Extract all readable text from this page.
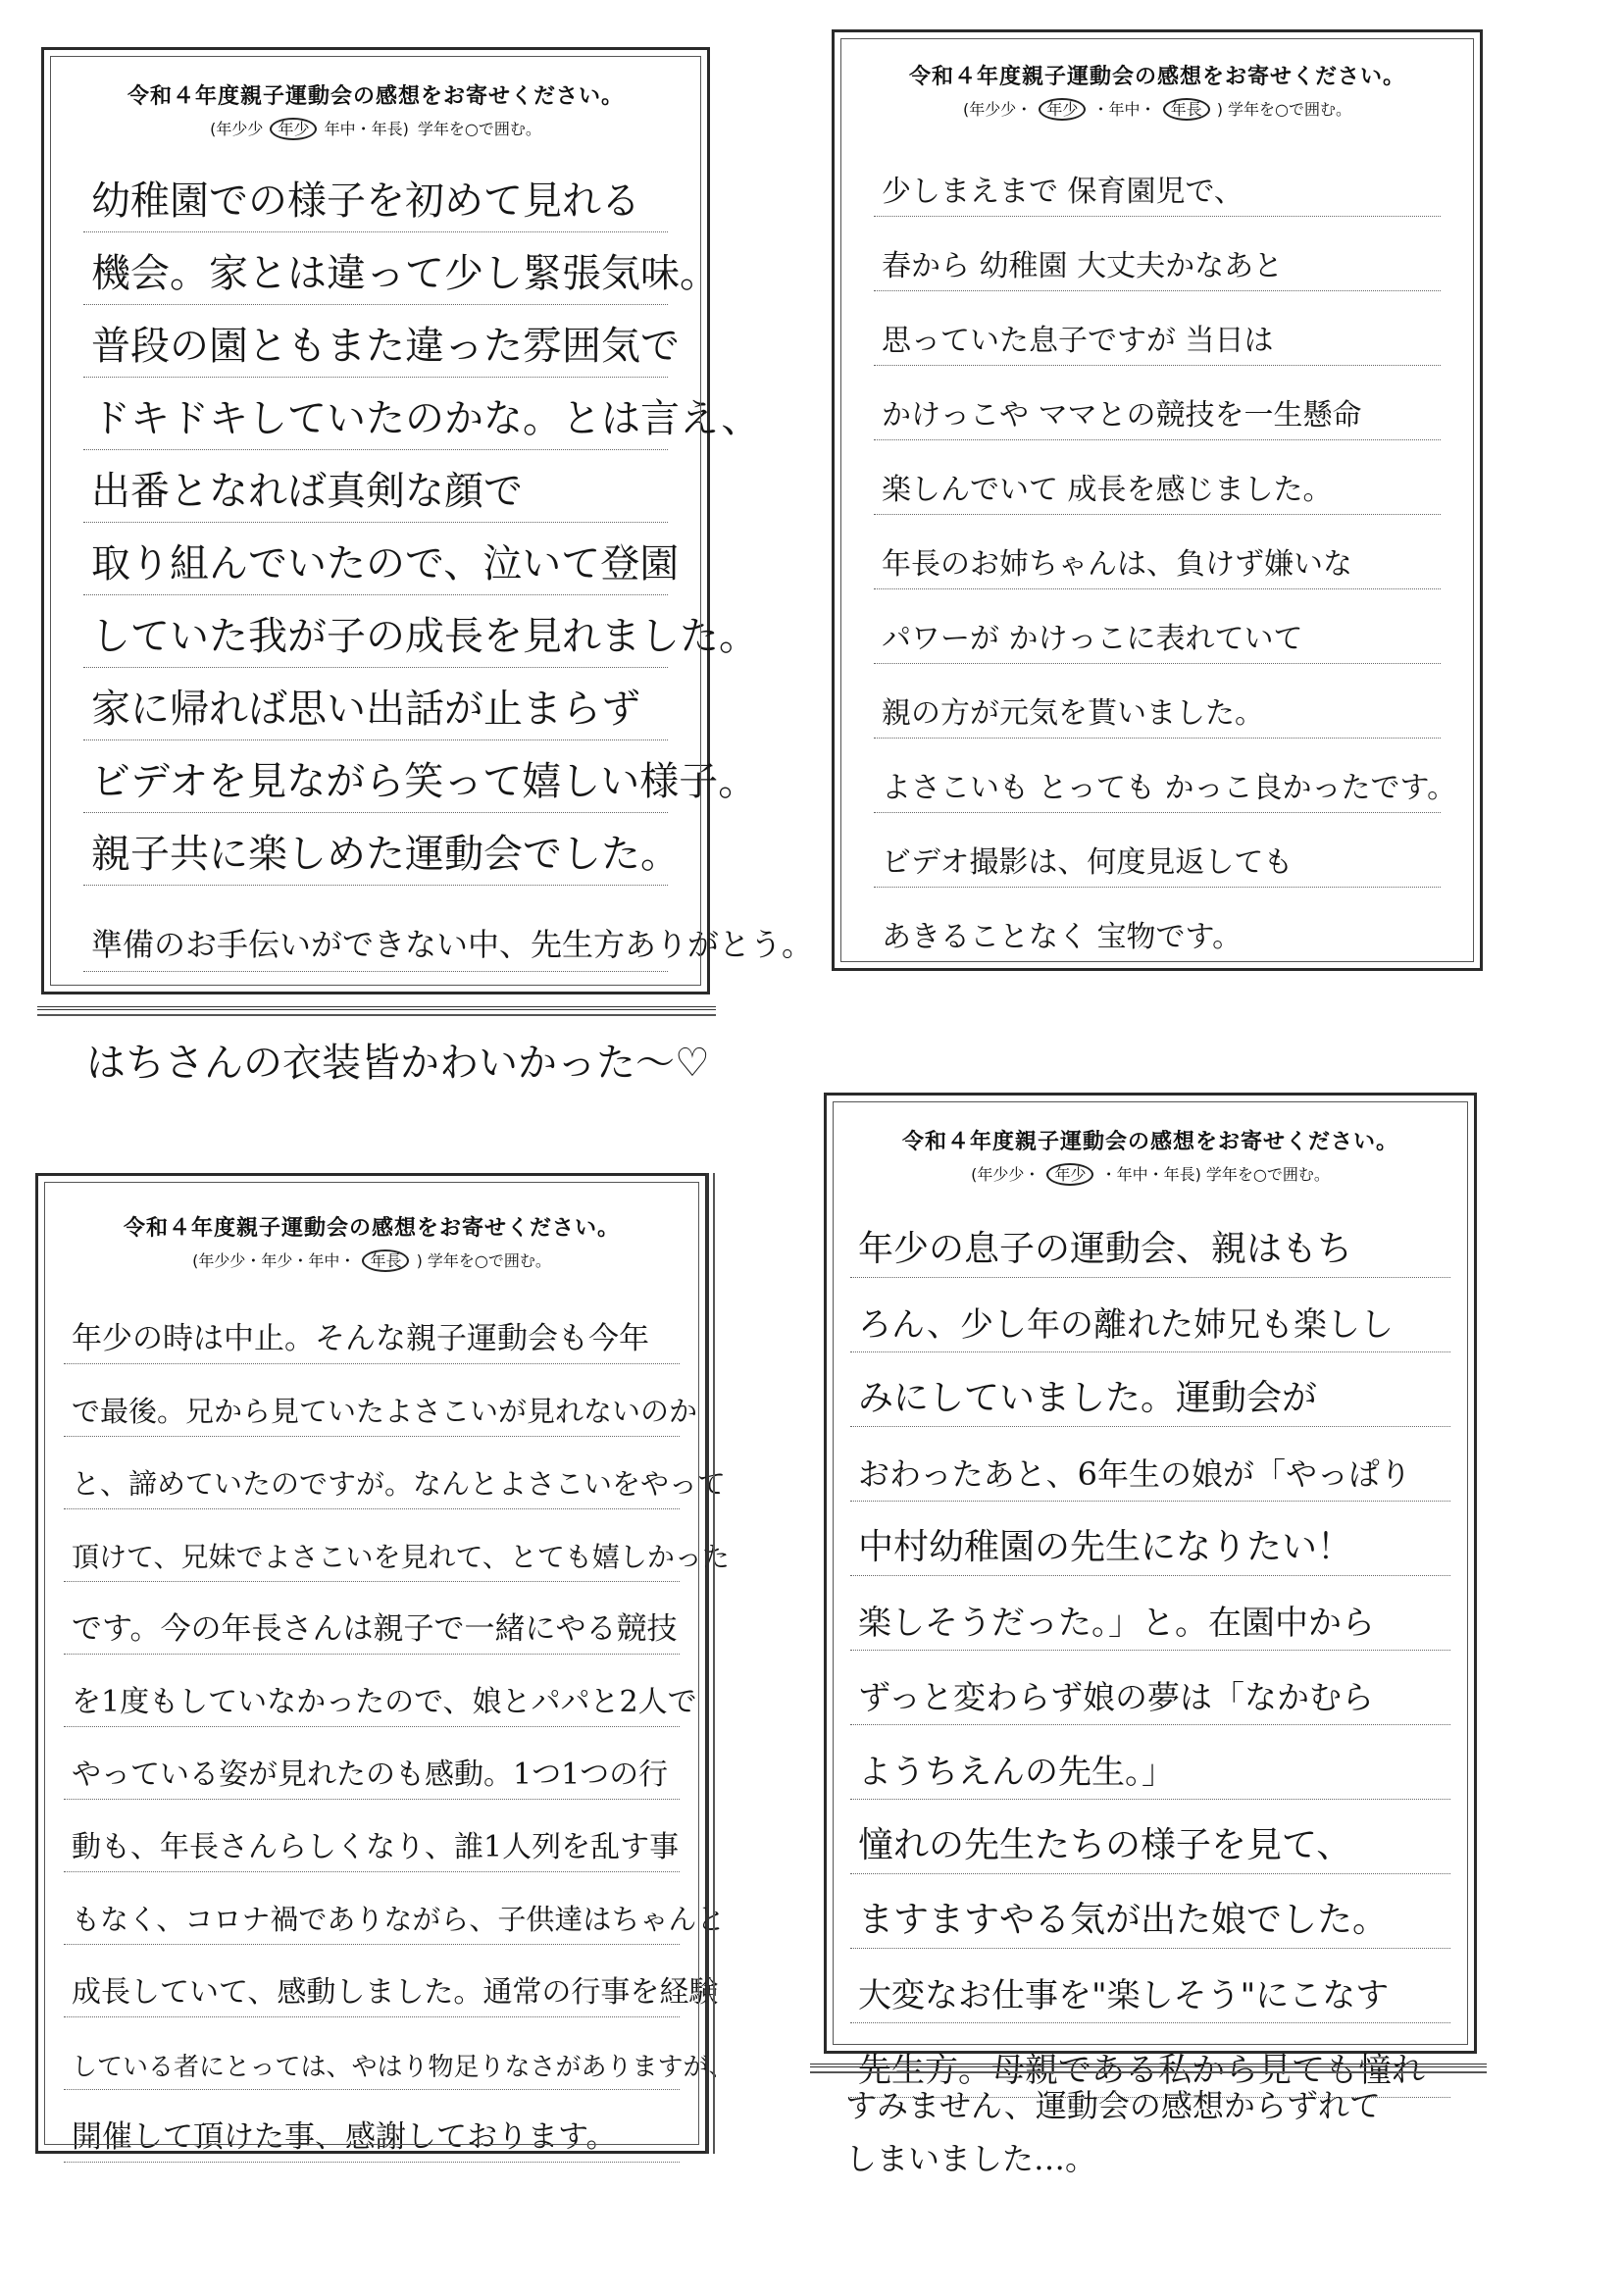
令和４年度親子運動会の感想をお寄せください。
(年少少 年少 年中・年長) 学年を○で囲む。
幼稚園での様子を初めて見れる
機会。家とは違って少し緊張気味。
普段の園ともまた違った雰囲気で
ドキドキしていたのかな。とは言え、
出番となれば真剣な顔で
取り組んでいたので、泣いて登園
していた我が子の成長を見れました。
家に帰れば思い出話が止まらず
ビデオを見ながら笑って嬉しい様子。
親子共に楽しめた運動会でした。
準備のお手伝いができない中、先生方ありがとう。
はちさんの衣装皆かわいかった～♡
令和４年度親子運動会の感想をお寄せください。
(年少少・ 年少 ・年中・ 年長 ) 学年を○で囲む。
少しまえまで 保育園児で、
春から 幼稚園 大丈夫かなあと
思っていた息子ですが 当日は
かけっこや ママとの競技を一生懸命
楽しんでいて 成長を感じました。
年長のお姉ちゃんは、負けず嫌いな
パワーが かけっこに表れていて
親の方が元気を貰いました。
よさこいも とっても かっこ良かったです。
ビデオ撮影は、何度見返しても
あきることなく 宝物です。
令和４年度親子運動会の感想をお寄せください。
(年少少・年少・年中・ 年長 ) 学年を○で囲む。
年少の時は中止。そんな親子運動会も今年
で最後。兄から見ていたよさこいが見れないのか
と、諦めていたのですが。なんとよさこいをやって
頂けて、兄妹でよさこいを見れて、とても嬉しかった
です。今の年長さんは親子で一緒にやる競技
を1度もしていなかったので、娘とパパと2人で
やっている姿が見れたのも感動。1つ1つの行
動も、年長さんらしくなり、誰1人列を乱す事
もなく、コロナ禍でありながら、子供達はちゃんと
成長していて、感動しました。通常の行事を経験
している者にとっては、やはり物足りなさがありますが、
開催して頂けた事、感謝しております。
令和４年度親子運動会の感想をお寄せください。
(年少少・ 年少 ・年中・年長) 学年を○で囲む。
年少の息子の運動会、親はもち
ろん、少し年の離れた姉兄も楽しし
みにしていました。運動会が
おわったあと、6年生の娘が「やっぱり
中村幼稚園の先生になりたい！
楽しそうだった。」と。在園中から
ずっと変わらず娘の夢は「なかむら
ようちえんの先生。」
憧れの先生たちの様子を見て、
ますますやる気が出た娘でした。
大変なお仕事を"楽しそう"にこなす
先生方。母親である私から見ても憧れ
すみません、運動会の感想からずれて
しまいました…。
